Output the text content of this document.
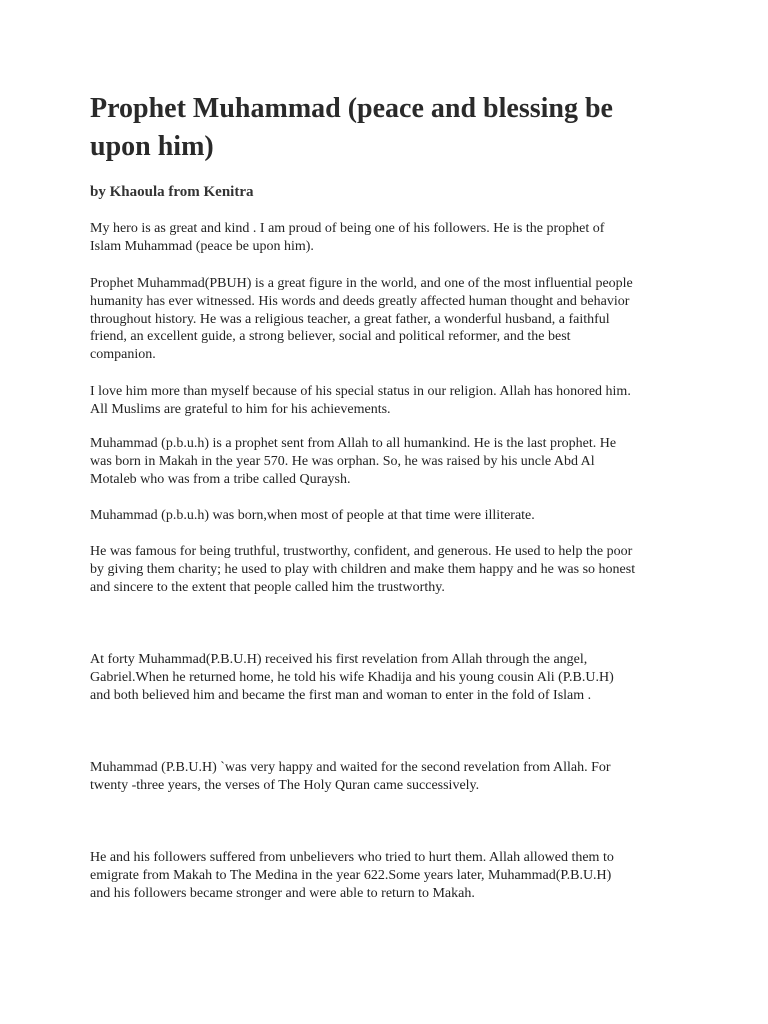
Prophet Muhammad (peace and blessing be
upon him)

by Khaoula from Kenitra

My hero is as great and kind . I am proud of being one of his followers. He is the prophet of
Islam Muhammad (peace be upon him).

Prophet Muhammad(PBUH) is a great figure in the world, and one of the most influential people
humanity has ever witnessed. His words and deeds greatly affected human thought and behavior
throughout history. He was a religious teacher, a great father, a wonderful husband, a faithful
friend, an excellent guide, a strong believer, social and political reformer, and the best
companion.

I love him more than myself because of his special status in our religion. Allah has honored him.
All Muslims are grateful to him for his achievements.

Muhammad (p.b.u.h) is a prophet sent from Allah to all humankind. He is the last prophet. He
was born in Makah in the year 570. He was orphan. So, he was raised by his uncle Abd Al
Motaleb who was from a tribe called Quraysh.

Muhammad (p.b.u.h) was born,when most of people at that time were illiterate.

He was famous for being truthful, trustworthy, confident, and generous. He used to help the poor
by giving them charity; he used to play with children and make them happy and he was so honest
and sincere to the extent that people called him the trustworthy.

At forty Muhammad(P.B.U.H) received his first revelation from Allah through the angel,
Gabriel.When he returned home, he told his wife Khadija and his young cousin Ali (P.B.U.H)
and both believed him and became the first man and woman to enter in the fold of Islam .

Muhammad (P.B.U.H) `was very happy and waited for the second revelation from Allah. For
twenty -three years, the verses of The Holy Quran came successively.

He and his followers suffered from unbelievers who tried to hurt them. Allah allowed them to
emigrate from Makah to The Medina in the year 622.Some years later, Muhammad(P.B.U.H)
and his followers became stronger and were able to return to Makah.
